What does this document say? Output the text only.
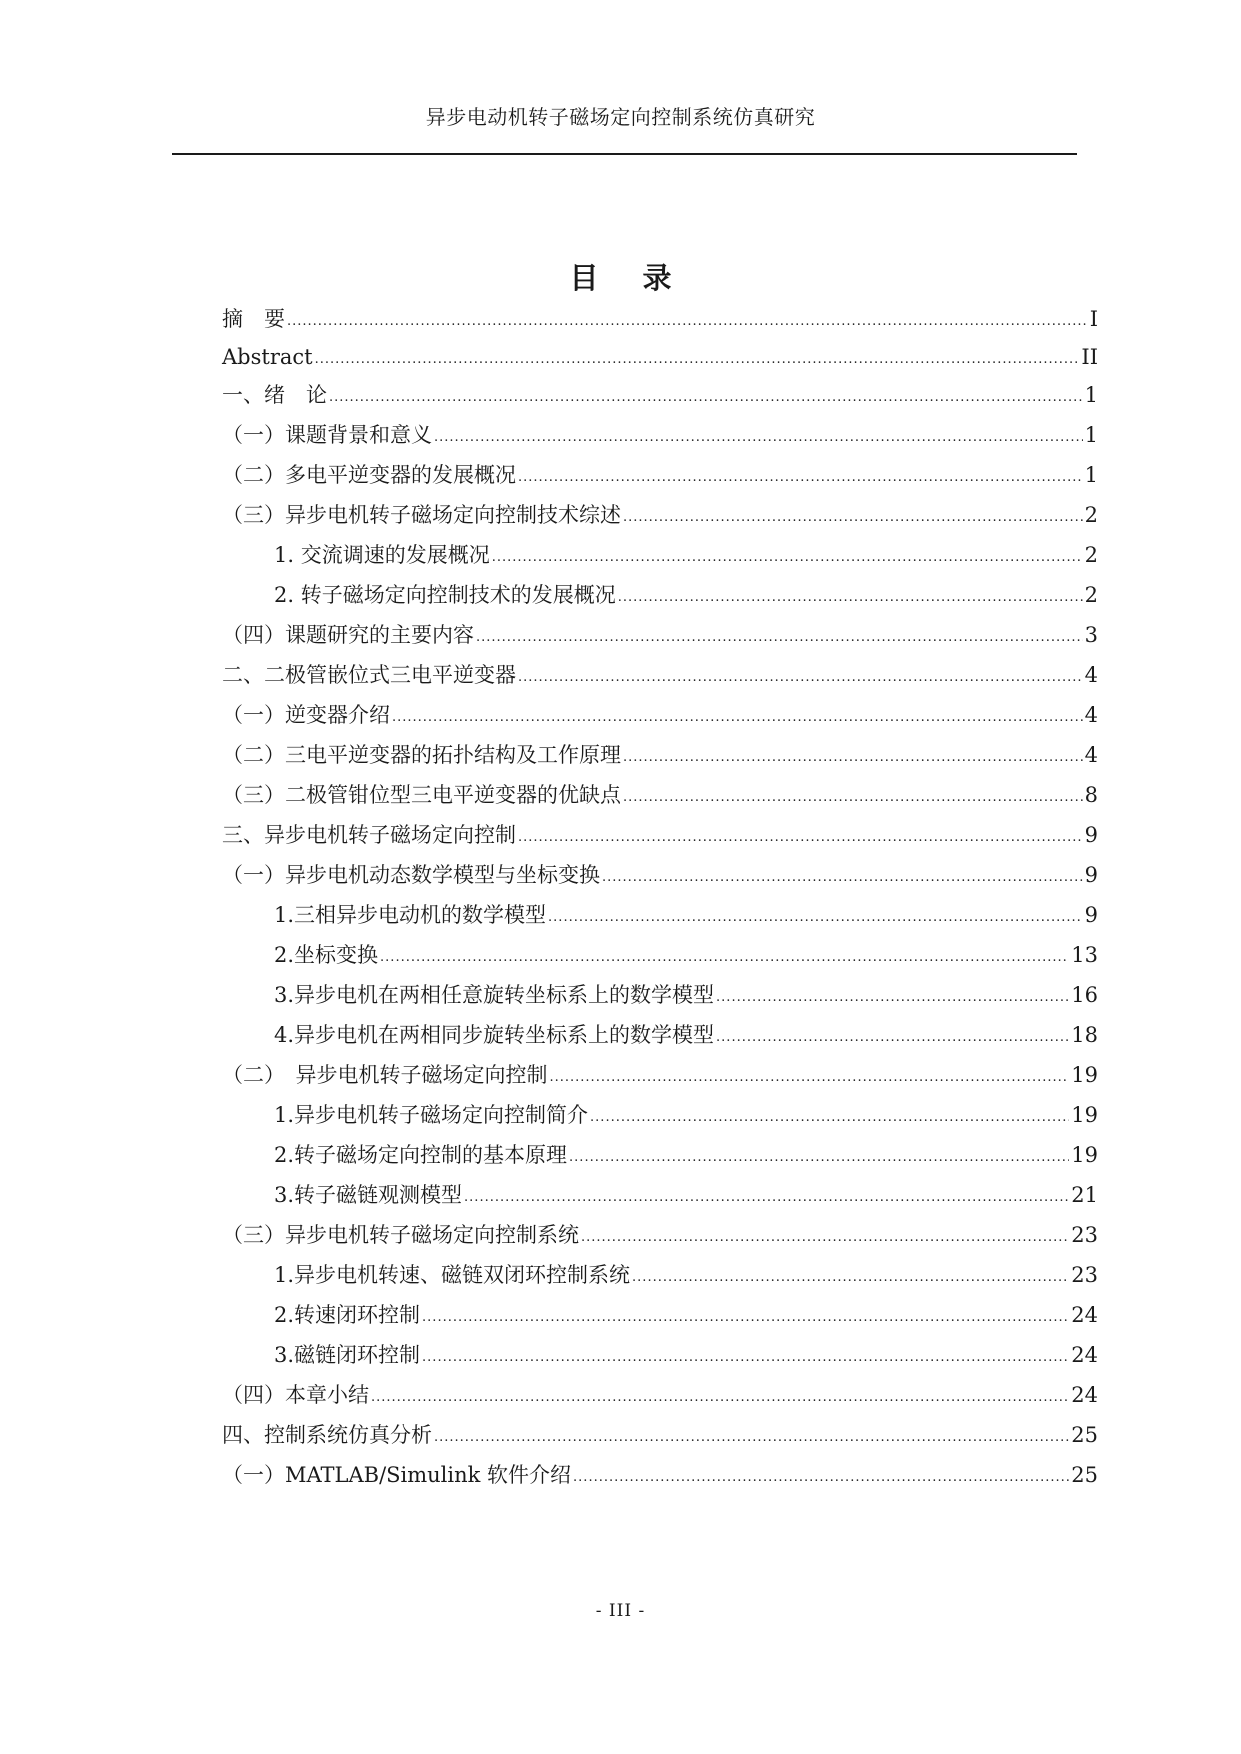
异步电动机转子磁场定向控制系统仿真研究
目录
摘　要 .....	I
Abstract .....	II
一、绪　论 .....	1
（一）课题背景和意义 .....	1
（二）多电平逆变器的发展概况 .....	1
（三）异步电机转子磁场定向控制技术综述 .....	2
1. 交流调速的发展概况 .....	2
2. 转子磁场定向控制技术的发展概况 .....	2
（四）课题研究的主要内容 .....	3
二、二极管嵌位式三电平逆变器 .....	4
（一）逆变器介绍 .....	4
（二）三电平逆变器的拓扑结构及工作原理 .....	4
（三）二极管钳位型三电平逆变器的优缺点 .....	8
三、异步电机转子磁场定向控制 .....	9
（一）异步电机动态数学模型与坐标变换 .....	9
1.三相异步电动机的数学模型 .....	9
2.坐标变换 .....	13
3.异步电机在两相任意旋转坐标系上的数学模型 .....	16
4.异步电机在两相同步旋转坐标系上的数学模型 .....	18
（二）　异步电机转子磁场定向控制 .....	19
1.异步电机转子磁场定向控制简介 .....	19
2.转子磁场定向控制的基本原理 .....	19
3.转子磁链观测模型 .....	21
（三）异步电机转子磁场定向控制系统 .....	23
1.异步电机转速、磁链双闭环控制系统 .....	23
2.转速闭环控制 .....	24
3.磁链闭环控制 .....	24
（四）本章小结 .....	24
四、控制系统仿真分析 .....	25
（一）MATLAB/Simulink 软件介绍 .....	25
- III -
